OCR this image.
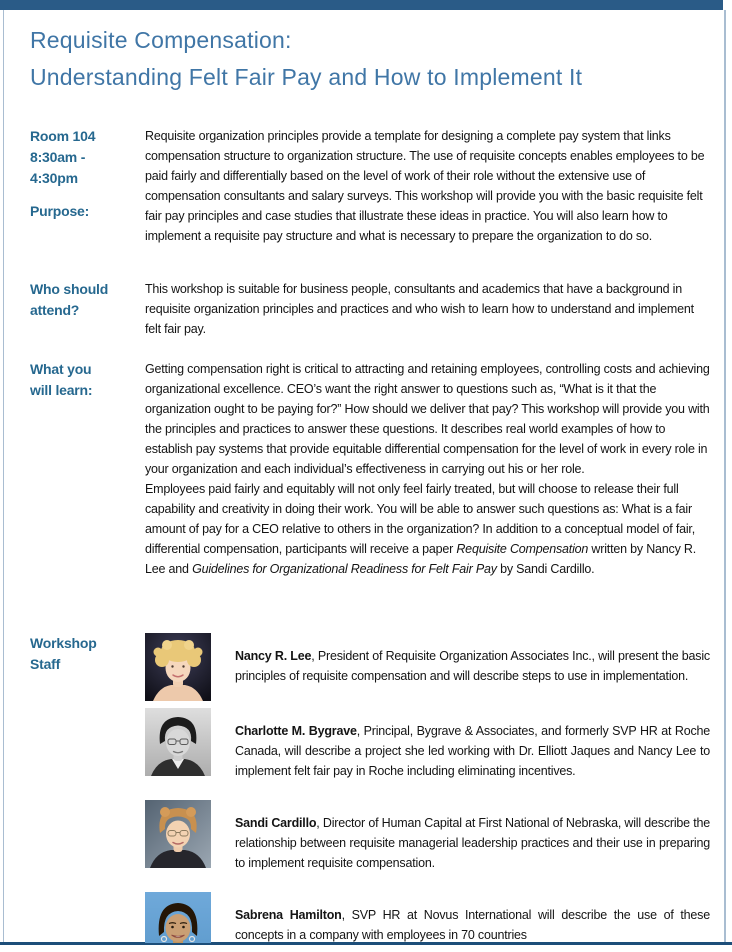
Requisite Compensation:
Understanding Felt Fair Pay and How to Implement It
Room 104
8:30am -
4:30pm
Purpose:

Requisite organization principles provide a template for designing a complete pay system that links compensation structure to organization structure. The use of requisite concepts enables employees to be paid fairly and differentially based on the level of work of their role without the extensive use of compensation consultants and salary surveys. This workshop will provide you with the basic requisite felt fair pay principles and case studies that illustrate these ideas in practice. You will also learn how to implement a requisite pay structure and what is necessary to prepare the organization to do so.

Who should
attend?

This workshop is suitable for business people, consultants and academics that have a background in requisite organization principles and practices and who wish to learn how to understand and implement felt fair pay.

What you
will learn:

Getting compensation right is critical to attracting and retaining employees, controlling costs and achieving organizational excellence. CEO’s want the right answer to questions such as, “What is it that the organization ought to be paying for?” How should we deliver that pay? This workshop will provide you with the principles and practices to answer these questions. It describes real world examples of how to establish pay systems that provide equitable differential compensation for the level of work in every role in your organization and each individual’s effectiveness in carrying out his or her role.

Employees paid fairly and equitably will not only feel fairly treated, but will choose to release their full capability and creativity in doing their work. You will be able to answer such questions as: What is a fair amount of pay for a CEO relative to others in the organization? In addition to a conceptual model of fair, differential compensation, participants will receive a paper Requisite Compensation written by Nancy R. Lee and Guidelines for Organizational Readiness for Felt Fair Pay by Sandi Cardillo.

Workshop
Staff

Nancy R. Lee, President of Requisite Organization Associates Inc., will present the basic principles of requisite compensation and will describe steps to use in implementation.

Charlotte M. Bygrave, Principal, Bygrave & Associates, and formerly SVP HR at Roche Canada, will describe a project she led working with Dr. Elliott Jaques and Nancy Lee to implement felt fair pay in Roche including eliminating incentives.

Sandi Cardillo, Director of Human Capital at First National of Nebraska, will describe the relationship between requisite managerial leadership practices and their use in preparing to implement requisite compensation.

Sabrena Hamilton, SVP HR at Novus International will describe the use of these concepts in a company with employees in 70 countries
